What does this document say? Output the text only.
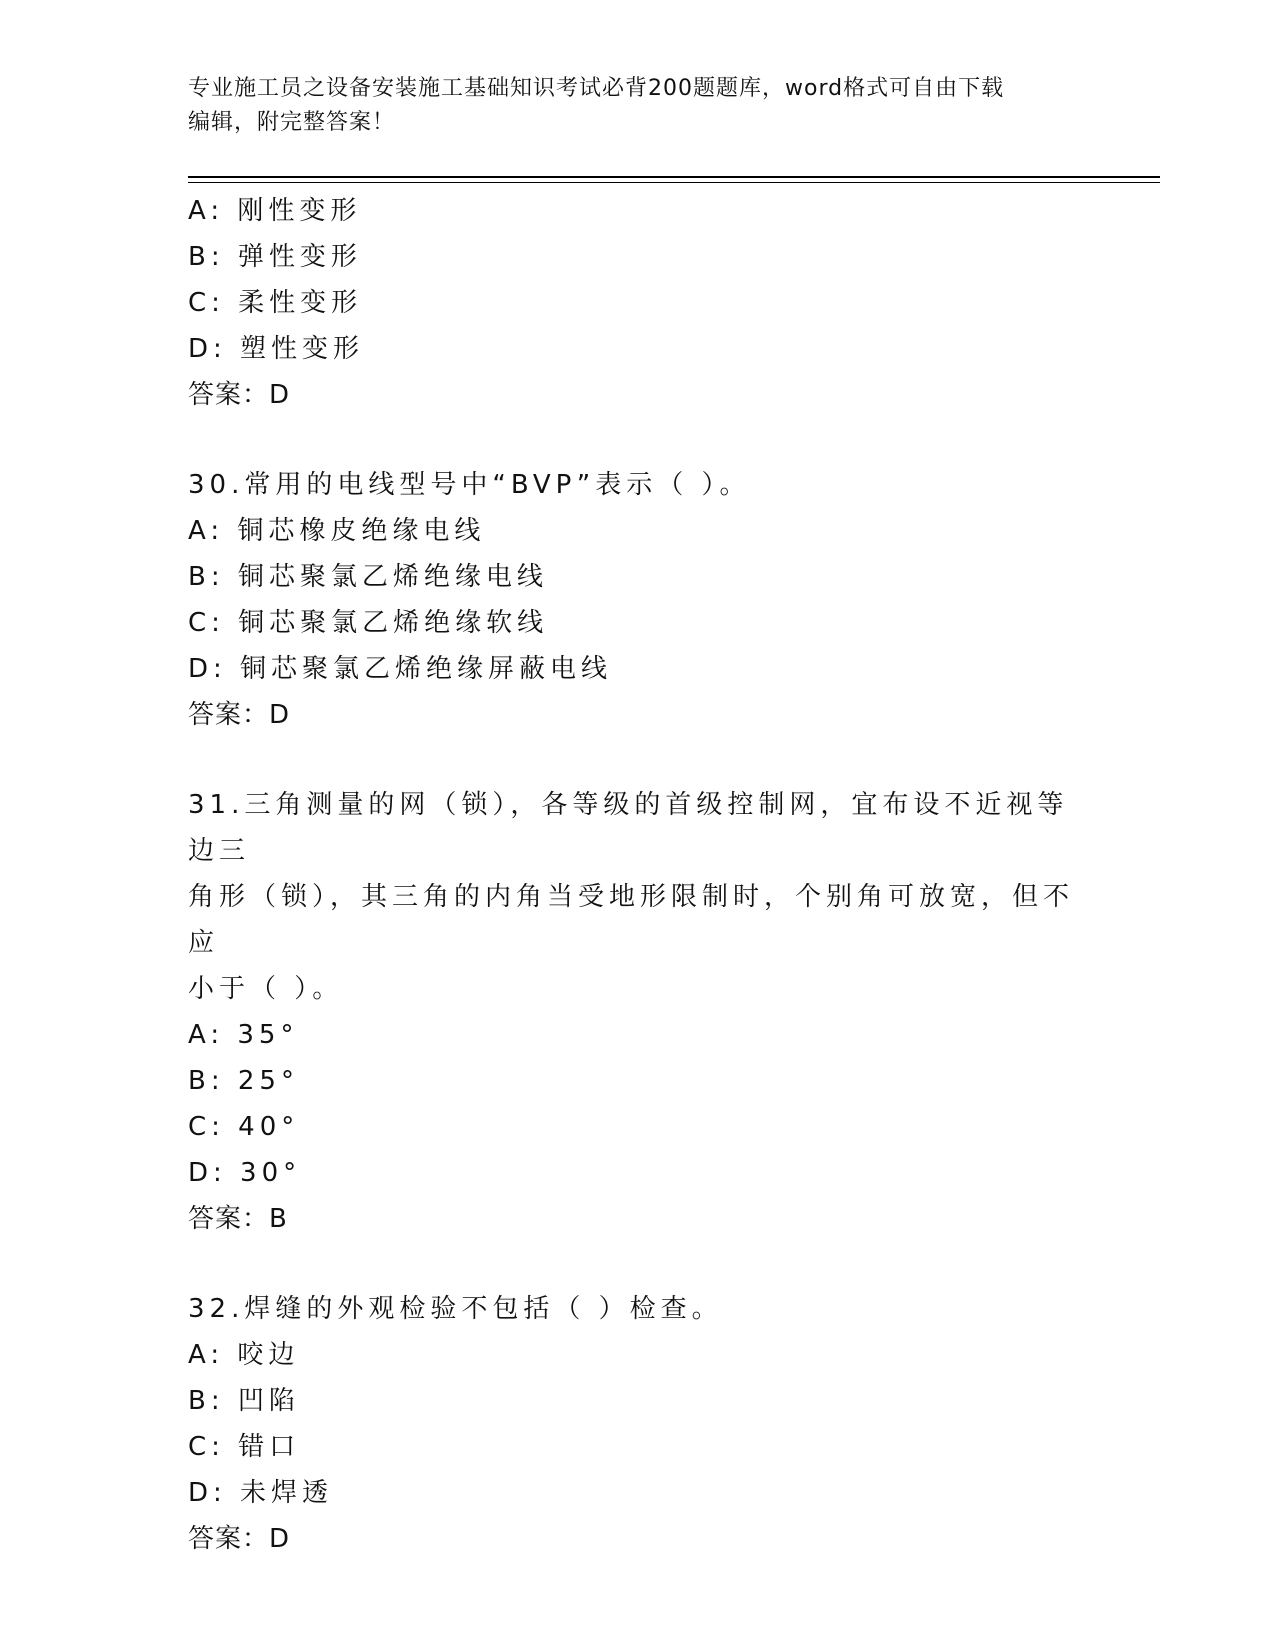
专业施工员之设备安装施工基础知识考试必背200题题库，word格式可自由下载
编辑，附完整答案！
A: 刚性变形
B: 弹性变形
C: 柔性变形
D: 塑性变形
答案：D
30.常用的电线型号中“BVP”表示（ ）。
A: 铜芯橡皮绝缘电线
B: 铜芯聚氯乙烯绝缘电线
C: 铜芯聚氯乙烯绝缘软线
D: 铜芯聚氯乙烯绝缘屏蔽电线
答案：D
31.三角测量的网（锁），各等级的首级控制网，宜布设不近视等边三
角形（锁），其三角的内角当受地形限制时，个别角可放宽，但不应
小于（ ）。
A: 35°
B: 25°
C: 40°
D: 30°
答案：B
32.焊缝的外观检验不包括（ ）检查。
A: 咬边
B: 凹陷
C: 错口
D: 未焊透
答案：D
